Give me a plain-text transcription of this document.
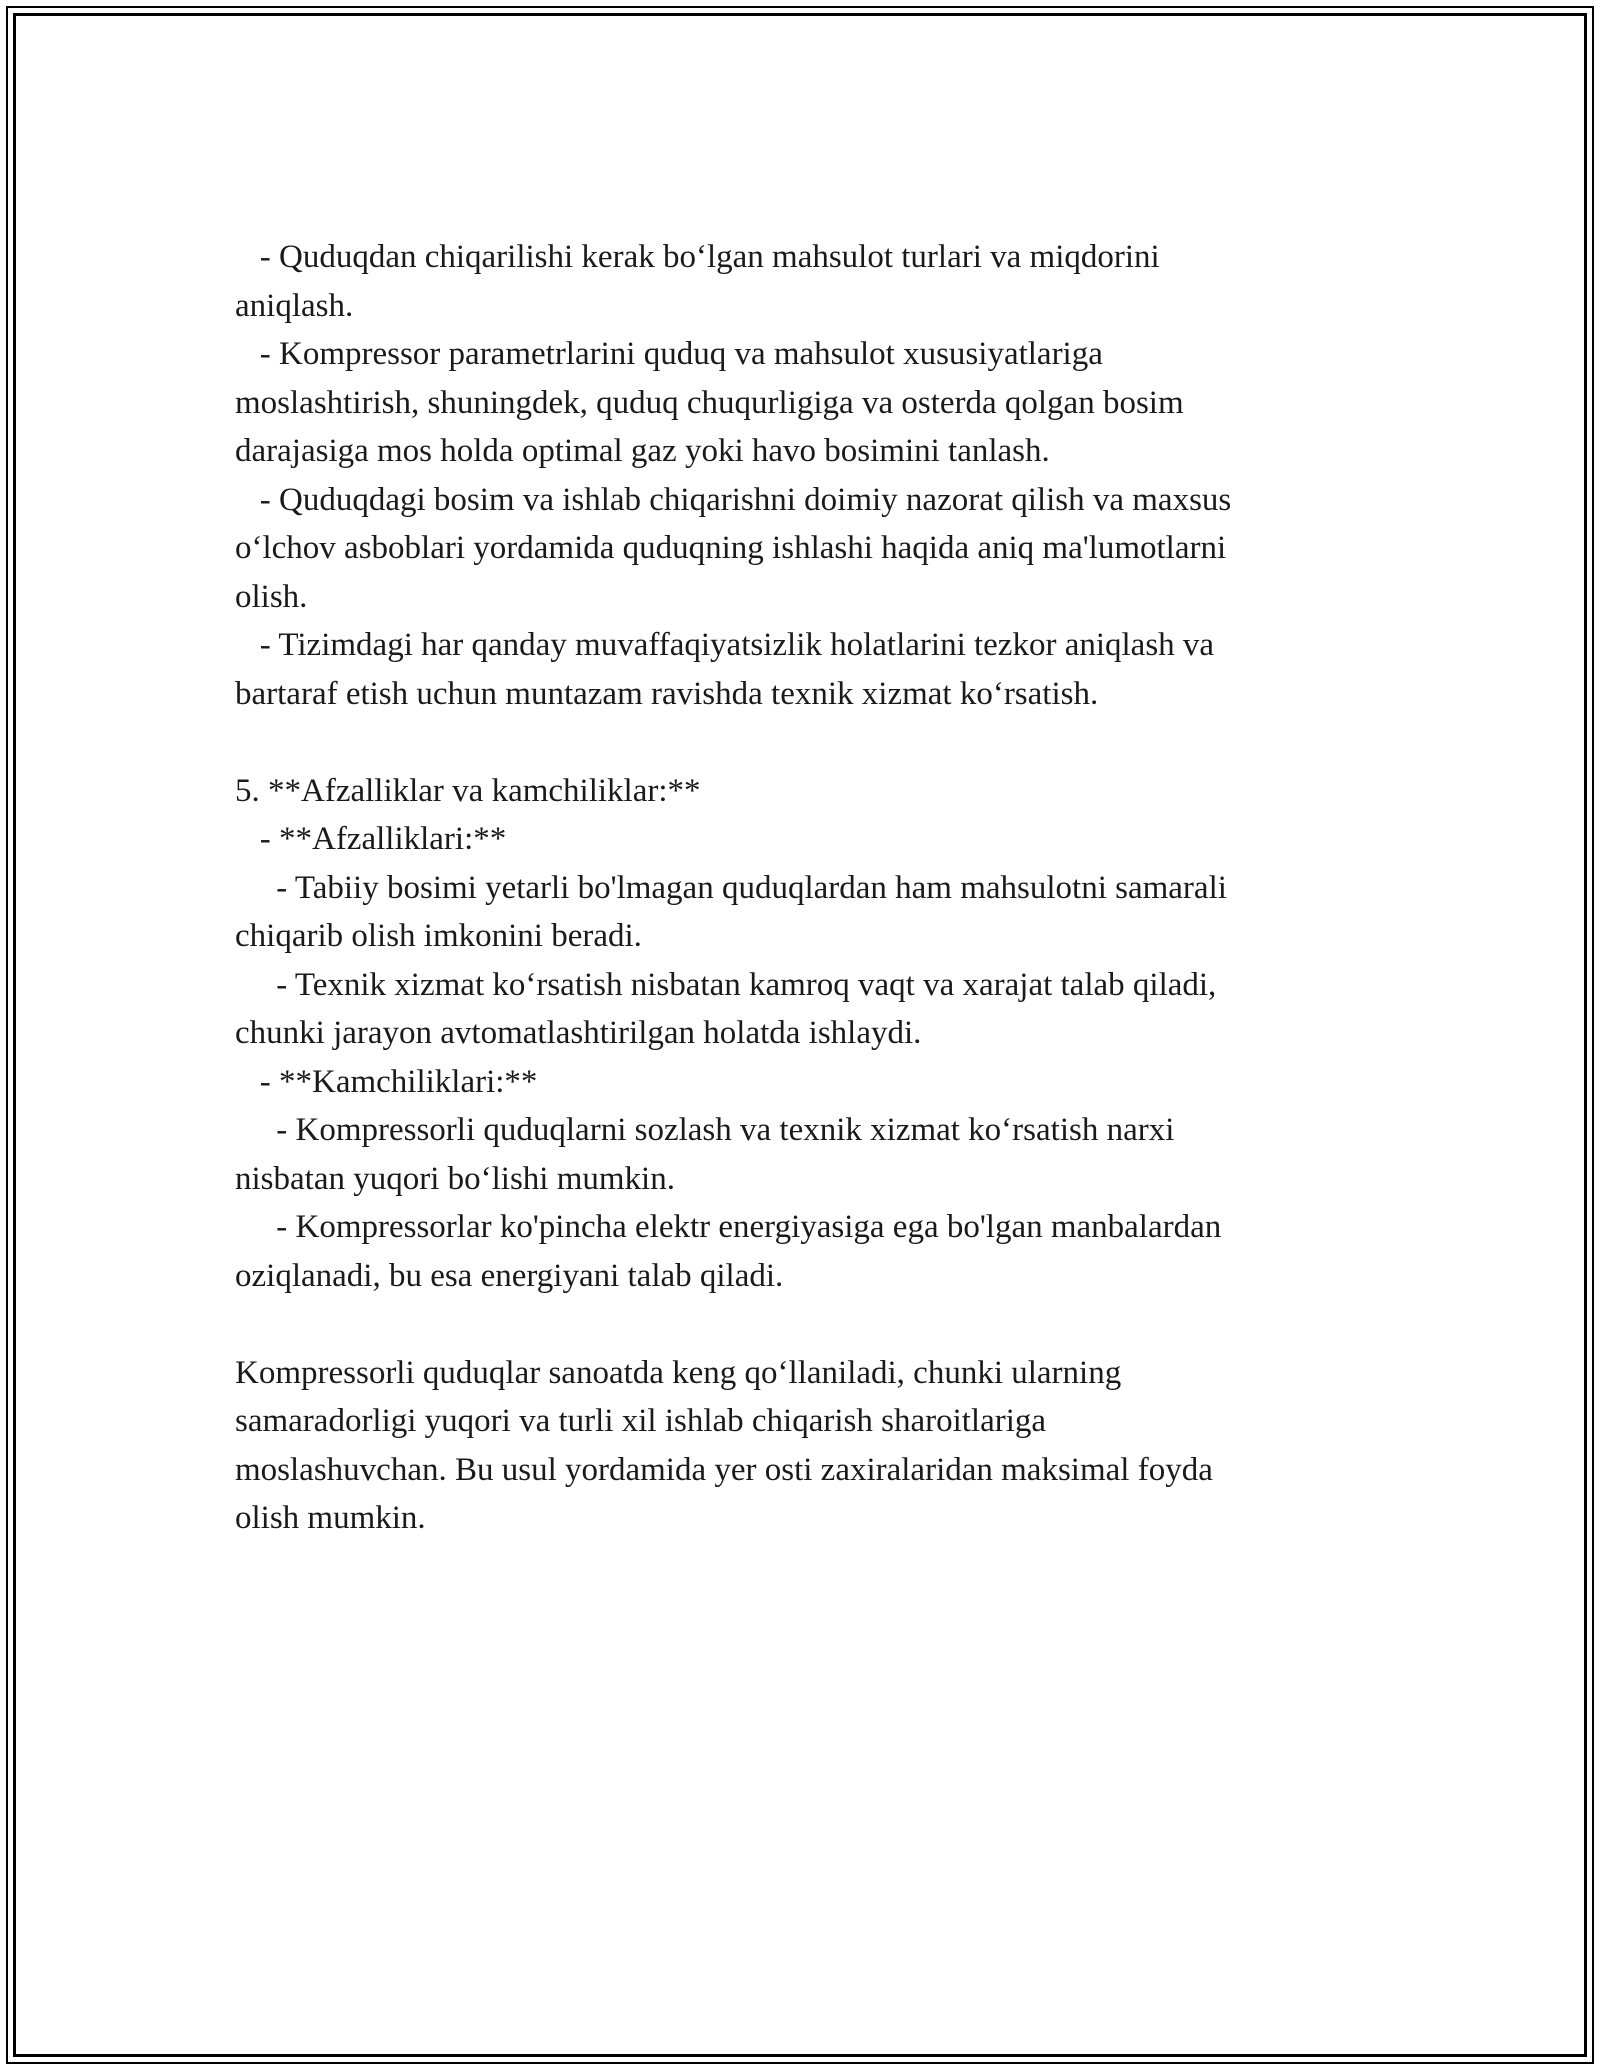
- Quduqdan chiqarilishi kerak bo‘lgan mahsulot turlari va miqdorini
aniqlash.
- Kompressor parametrlarini quduq va mahsulot xususiyatlariga
moslashtirish, shuningdek, quduq chuqurligiga va osterda qolgan bosim
darajasiga mos holda optimal gaz yoki havo bosimini tanlash.
- Quduqdagi bosim va ishlab chiqarishni doimiy nazorat qilish va maxsus
o‘lchov asboblari yordamida quduqning ishlashi haqida aniq ma'lumotlarni
olish.
- Tizimdagi har qanday muvaffaqiyatsizlik holatlarini tezkor aniqlash va
bartaraf etish uchun muntazam ravishda texnik xizmat ko‘rsatish.
5. **Afzalliklar va kamchiliklar:**
- **Afzalliklari:**
- Tabiiy bosimi yetarli bo'lmagan quduqlardan ham mahsulotni samarali
chiqarib olish imkonini beradi.
- Texnik xizmat ko‘rsatish nisbatan kamroq vaqt va xarajat talab qiladi,
chunki jarayon avtomatlashtirilgan holatda ishlaydi.
- **Kamchiliklari:**
- Kompressorli quduqlarni sozlash va texnik xizmat ko‘rsatish narxi
nisbatan yuqori bo‘lishi mumkin.
- Kompressorlar ko'pincha elektr energiyasiga ega bo'lgan manbalardan
oziqlanadi, bu esa energiyani talab qiladi.
Kompressorli quduqlar sanoatda keng qo‘llaniladi, chunki ularning
samaradorligi yuqori va turli xil ishlab chiqarish sharoitlariga
moslashuvchan. Bu usul yordamida yer osti zaxiralaridan maksimal foyda
olish mumkin.
